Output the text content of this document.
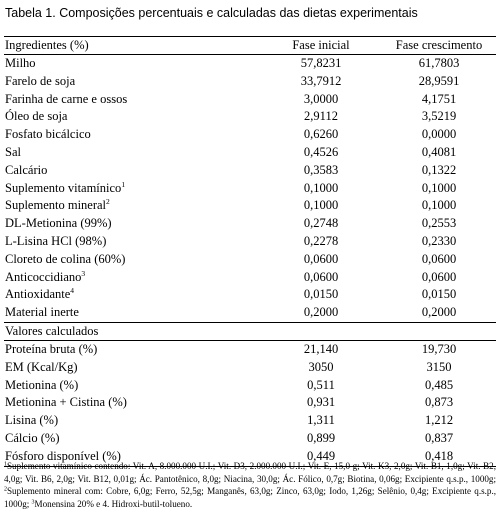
Tabela 1. Composições percentuais e calculadas das dietas experimentais
Ingredientes (%)	Fase inicial	Fase crescimento
Milho	57,8231	61,7803
Farelo de soja	33,7912	28,9591
Farinha de carne e ossos	3,0000	4,1751
Óleo de soja	2,9112	3,5219
Fosfato bicálcico	0,6260	0,0000
Sal	0,4526	0,4081
Calcário	0,3583	0,1322
Suplemento vitamínico$^1$	0,1000	0,1000
Suplemento mineral$^2$	0,1000	0,1000
DL-Metionina (99%)	0,2748	0,2553
L-Lisina HCl (98%)	0,2278	0,2330
Cloreto de colina (60%)	0,0600	0,0600
Anticoccidiano$^3$	0,0600	0,0600
Antioxidante$^4$	0,0150	0,0150
Material inerte	0,2000	0,2000
Valores calculados
Proteína bruta (%)	21,140	19,730
EM (Kcal/Kg)	3050	3150
Metionina (%)	0,511	0,485
Metionina + Cistina (%)	0,931	0,873
Lisina (%)	1,311	1,212
Cálcio (%)	0,899	0,837
Fósforo disponível (%)	0,449	0,418
$^1$Suplemento vitamínico contendo: Vit. A, 8.000.000 U.I.; Vit. D3, 2.000.000 U.I.; Vit. E, 15,0 g; Vit. K3, 2,0g; Vit. B1, 1,0g; Vit. B2, 4,0g; Vit. B6, 2,0g; Vit. B12, 0,01g; Ác. Pantotênico, 8,0g; Niacina, 30,0g; Ác. Fólico, 0,7g; Biotina, 0,06g; Excipiente q.s.p., 1000g; $^2$Suplemento mineral com: Cobre, 6,0g; Ferro, 52,5g; Manganês, 63,0g; Zinco, 63,0g; Iodo, 1,26g; Selênio, 0,4g; Excipiente q.s.p., 1000g; $^3$Monensina 20% e 4. Hidroxi-butil-tolueno.
